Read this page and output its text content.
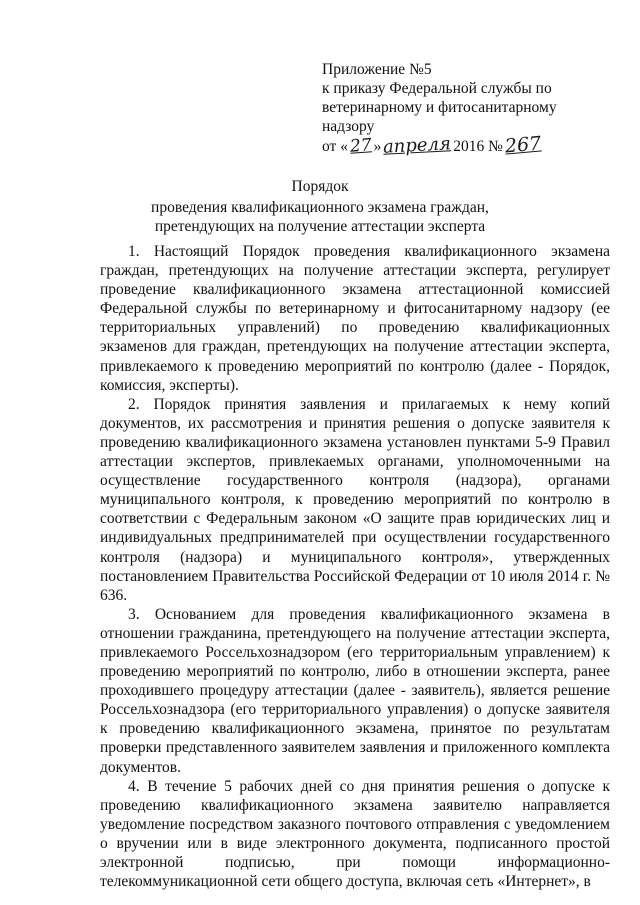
Приложение №5
к приказу Федеральной службы по
ветеринарному и фитосанитарному
надзору
от «27»апреля2016 №267
Порядок
проведения квалификационного экзамена граждан, претендующих на получение аттестации эксперта

1. Настоящий Порядок проведения квалификационного экзамена граждан, претендующих на получение аттестации эксперта, регулирует проведение квалификационного экзамена аттестационной комиссией Федеральной службы по ветеринарному и фитосанитарному надзору (ее территориальных управлений) по проведению квалификационных экзаменов для граждан, претендующих на получение аттестации эксперта, привлекаемого к проведению мероприятий по контролю (далее - Порядок, комиссия, эксперты).

2. Порядок принятия заявления и прилагаемых к нему копий документов, их рассмотрения и принятия решения о допуске заявителя к проведению квалификационного экзамена установлен пунктами 5-9 Правил аттестации экспертов, привлекаемых органами, уполномоченными на осуществление государственного контроля (надзора), органами муниципального контроля, к проведению мероприятий по контролю в соответствии с Федеральным законом «О защите прав юридических лиц и индивидуальных предпринимателей при осуществлении государственного контроля (надзора) и муниципального контроля», утвержденных постановлением Правительства Российской Федерации от 10 июля 2014 г. № 636.

3. Основанием для проведения квалификационного экзамена в отношении гражданина, претендующего на получение аттестации эксперта, привлекаемого Россельхознадзором (его территориальным управлением) к проведению мероприятий по контролю, либо в отношении эксперта, ранее проходившего процедуру аттестации (далее - заявитель), является решение Россельхознадзора (его территориального управления) о допуске заявителя к проведению квалификационного экзамена, принятое по результатам проверки представленного заявителем заявления и приложенного комплекта документов.

4. В течение 5 рабочих дней со дня принятия решения о допуске к проведению квалификационного экзамена заявителю направляется уведомление посредством заказного почтового отправления с уведомлением о вручении или в виде электронного документа, подписанного простой электронной подписью, при помощи информационно-телекоммуникационной сети общего доступа, включая сеть «Интернет», в
